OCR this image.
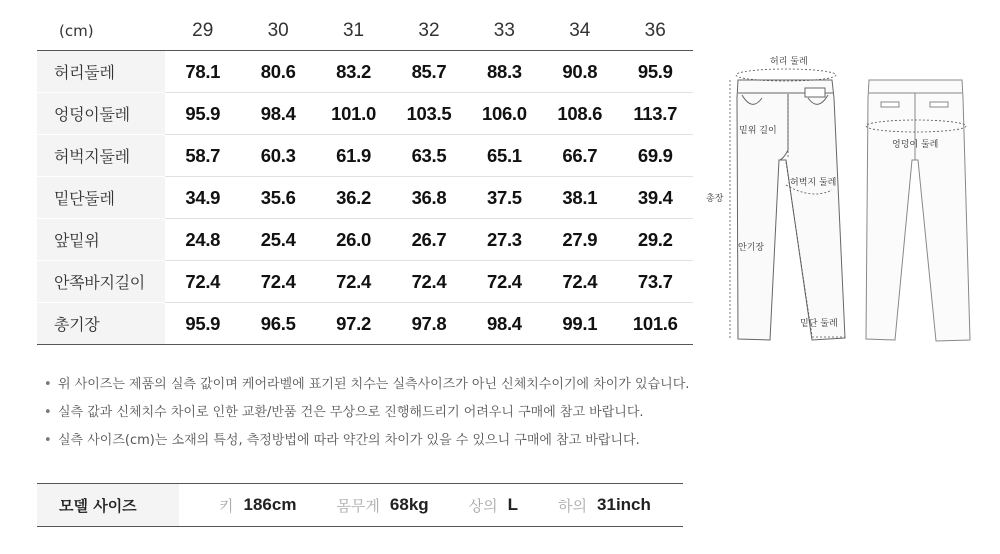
(cm)	29	30	31	32	33	34	36
허리둘레	78.1	80.6	83.2	85.7	88.3	90.8	95.9
엉덩이둘레	95.9	98.4	101.0	103.5	106.0	108.6	113.7
허벅지둘레	58.7	60.3	61.9	63.5	65.1	66.7	69.9
밑단둘레	34.9	35.6	36.2	36.8	37.5	38.1	39.4
앞밑위	24.8	25.4	26.0	26.7	27.3	27.9	29.2
안쪽바지길이	72.4	72.4	72.4	72.4	72.4	72.4	73.7
총기장	95.9	96.5	97.2	97.8	98.4	99.1	101.6
허리 둘레
밑위 길이
허벅지 둘레
총장
안기장
밑단 둘레
엉덩이 둘레
• 위 사이즈는 제품의 실측 값이며 케어라벨에 표기된 치수는 실측사이즈가 아닌 신체치수이기에 차이가 있습니다.
• 실측 값과 신체치수 차이로 인한 교환/반품 건은 무상으로 진행해드리기 어려우니 구매에 참고 바랍니다.
• 실측 사이즈(cm)는 소재의 특성, 측정방법에 따라 약간의 차이가 있을 수 있으니 구매에 참고 바랍니다.
모델 사이즈	키 186cm	몸무게 68kg	상의 L	하의 31inch
